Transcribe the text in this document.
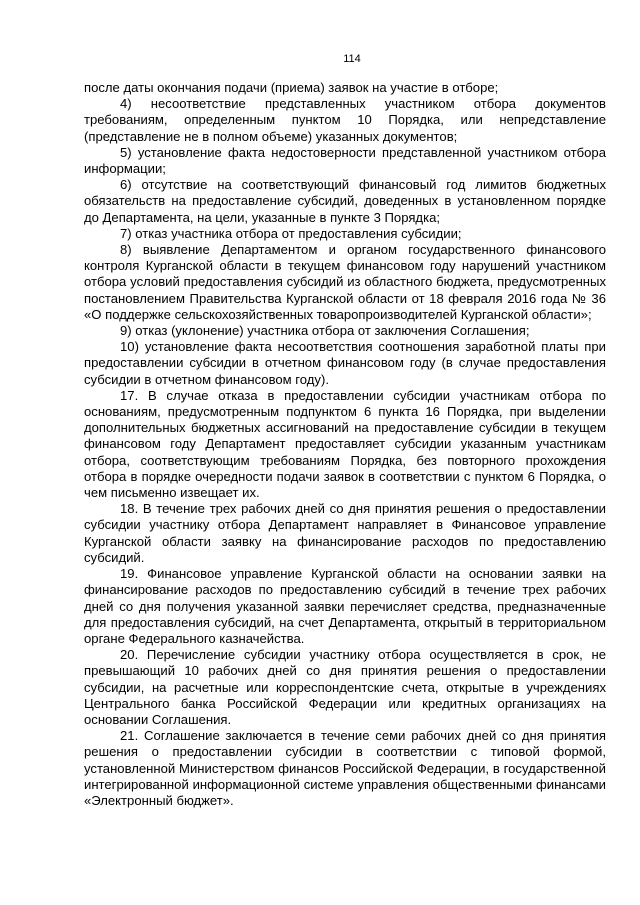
114

после даты окончания подачи (приема) заявок на участие в отборе;

4) несоответствие представленных участником отбора документов требованиям, определенным пунктом 10 Порядка, или непредставление (представление не в полном объеме) указанных документов;

5) установление факта недостоверности представленной участником отбора информации;

6) отсутствие на соответствующий финансовый год лимитов бюджетных обязательств на предоставление субсидий, доведенных в установленном порядке до Департамента, на цели, указанные в пункте 3 Порядка;

7) отказ участника отбора от предоставления субсидии;

8) выявление Департаментом и органом государственного финансового контроля Курганской области в текущем финансовом году нарушений участником отбора условий предоставления субсидий из областного бюджета, предусмотренных постановлением Правительства Курганской области от 18 февраля 2016 года № 36 «О поддержке сельскохозяйственных товаропроизводителей Курганской области»;

9) отказ (уклонение) участника отбора от заключения Соглашения;

10) установление факта несоответствия соотношения заработной платы при предоставлении субсидии в отчетном финансовом году (в случае предоставления субсидии в отчетном финансовом году).

17. В случае отказа в предоставлении субсидии участникам отбора по основаниям, предусмотренным подпунктом 6 пункта 16 Порядка, при выделении дополнительных бюджетных ассигнований на предоставление субсидии в текущем финансовом году Департамент предоставляет субсидии указанным участникам отбора, соответствующим требованиям Порядка, без повторного прохождения отбора в порядке очередности подачи заявок в соответствии с пунктом 6 Порядка, о чем письменно извещает их.

18. В течение трех рабочих дней со дня принятия решения о предоставлении субсидии участнику отбора Департамент направляет в Финансовое управление Курганской области заявку на финансирование расходов по предоставлению субсидий.

19. Финансовое управление Курганской области на основании заявки на финансирование расходов по предоставлению субсидий в течение трех рабочих дней со дня получения указанной заявки перечисляет средства, предназначенные для предоставления субсидий, на счет Департамента, открытый в территориальном органе Федерального казначейства.

20. Перечисление субсидии участнику отбора осуществляется в срок, не превышающий 10 рабочих дней со дня принятия решения о предоставлении субсидии, на расчетные или корреспондентские счета, открытые в учреждениях Центрального банка Российской Федерации или кредитных организациях на основании Соглашения.

21. Соглашение заключается в течение семи рабочих дней со дня принятия решения о предоставлении субсидии в соответствии с типовой формой, установленной Министерством финансов Российской Федерации, в государственной интегрированной информационной системе управления общественными финансами «Электронный бюджет».
